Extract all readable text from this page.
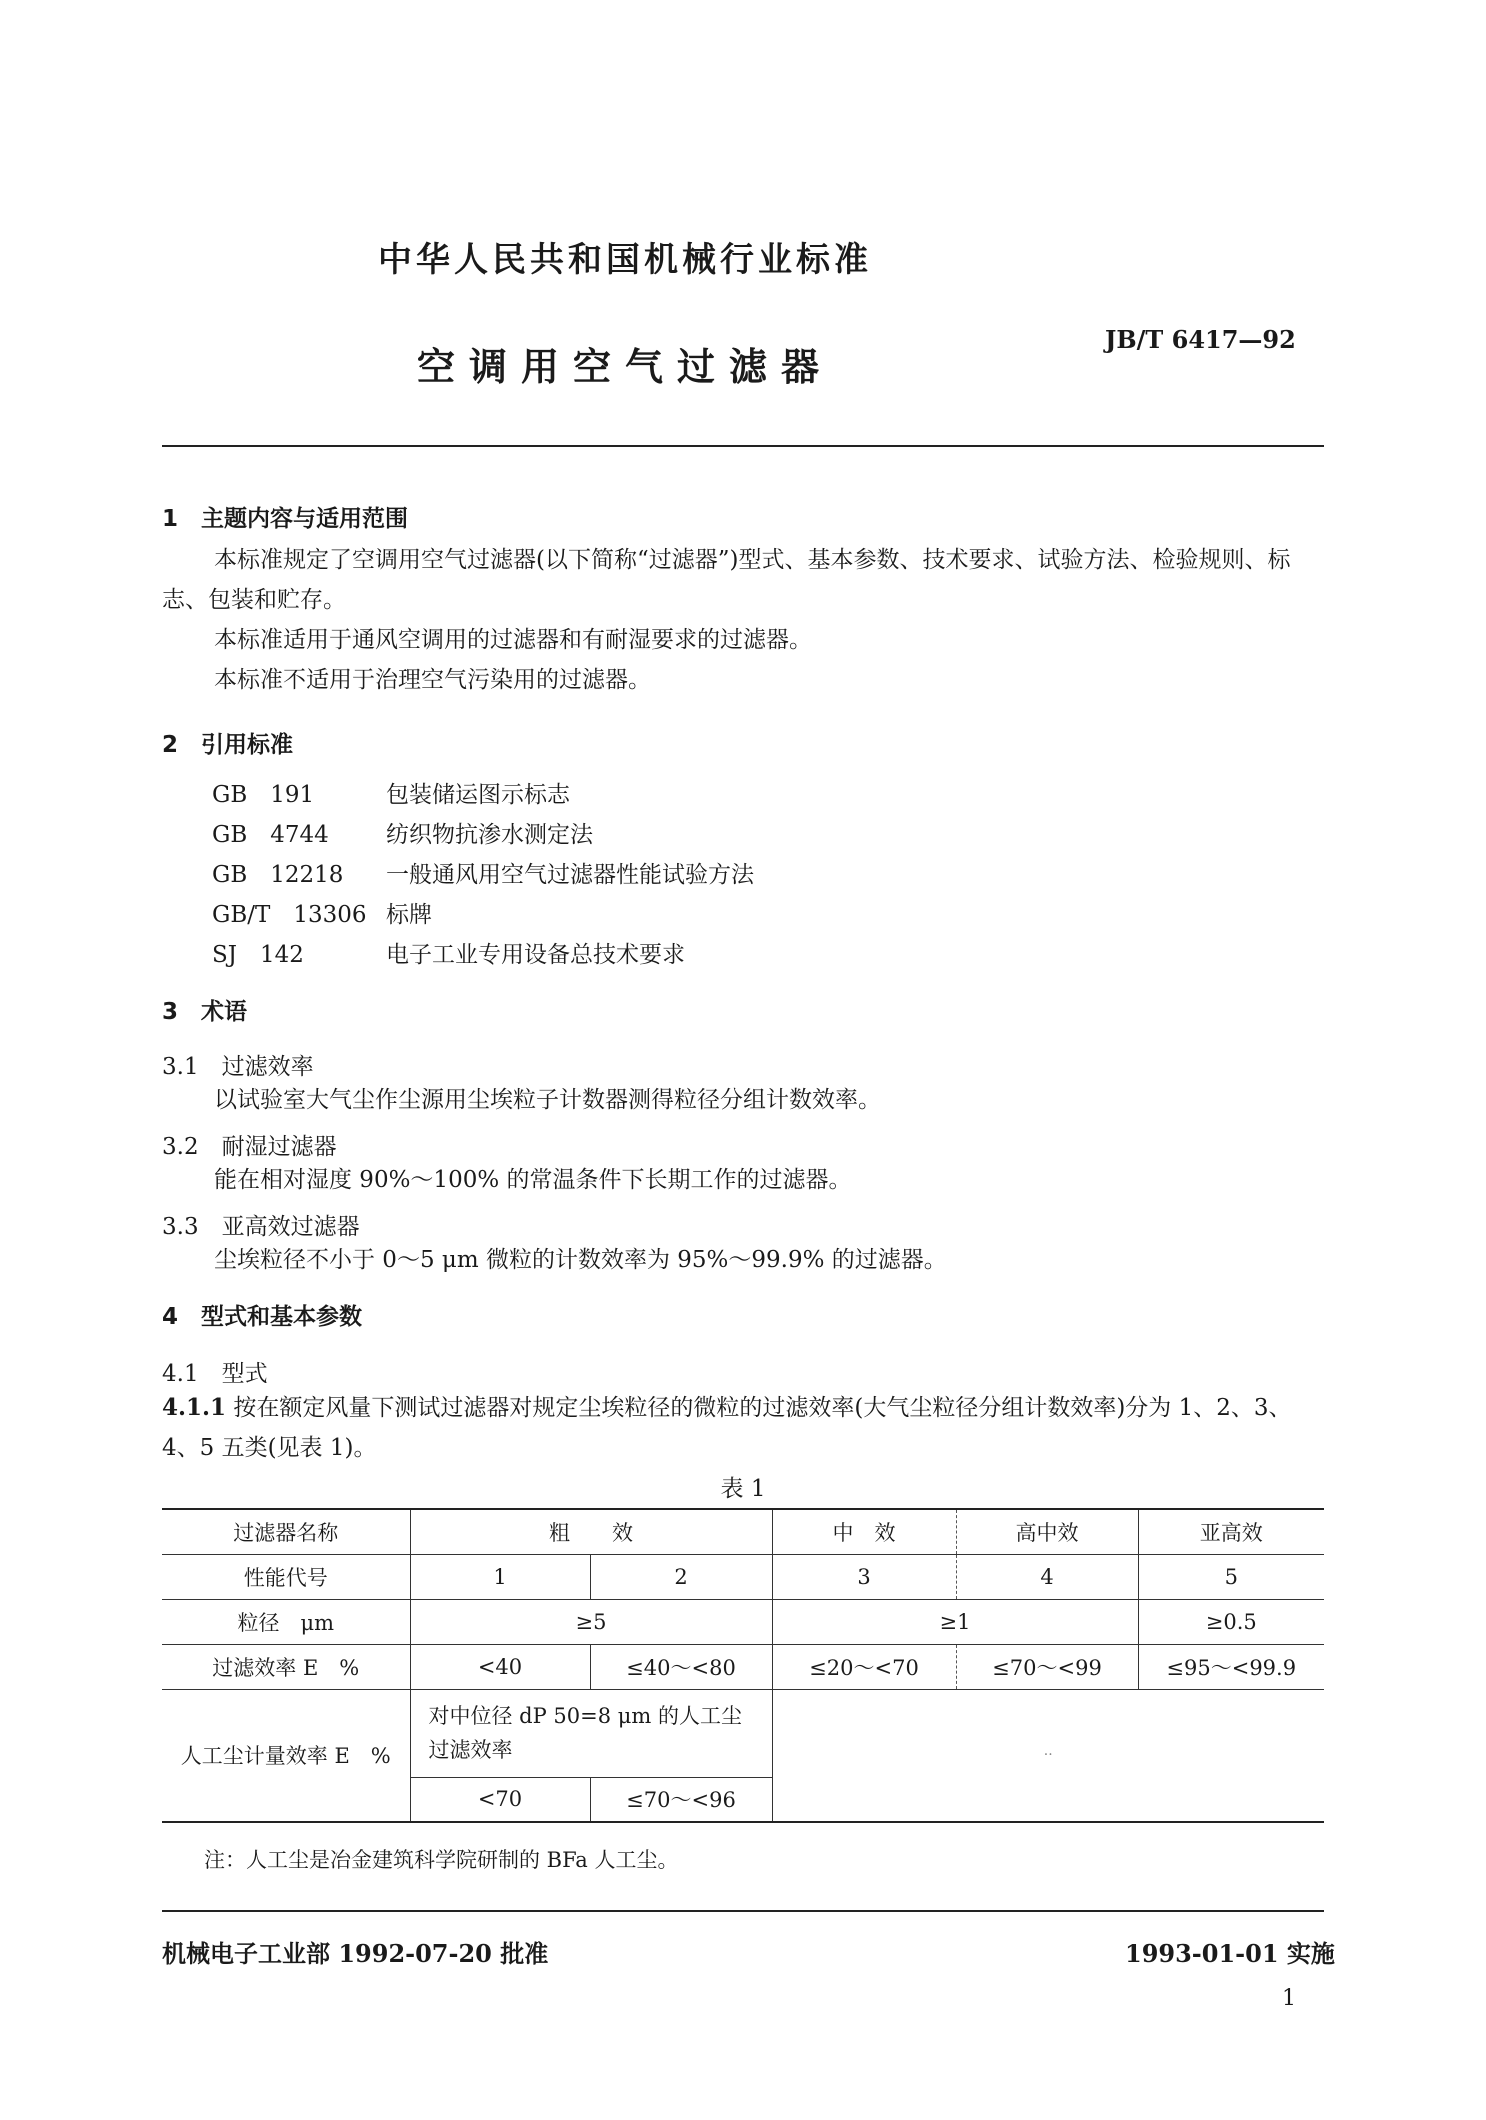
中华人民共和国机械行业标准
空调用空气过滤器
JB/T 6417—92
1　主题内容与适用范围
本标准规定了空调用空气过滤器(以下简称“过滤器”)型式、基本参数、技术要求、试验方法、检验规则、标志、包装和贮存。
本标准适用于通风空调用的过滤器和有耐湿要求的过滤器。
本标准不适用于治理空气污染用的过滤器。
2　引用标准
GB　191	包装储运图示标志
GB　4744 纺织物抗渗水测定法
GB　12218 一般通风用空气过滤器性能试验方法
GB/T　13306 标牌
SJ　142	电子工业专用设备总技术要求
3　术语
3.1　过滤效率
以试验室大气尘作尘源用尘埃粒子计数器测得粒径分组计数效率。
3.2　耐湿过滤器
能在相对湿度 90%～100% 的常温条件下长期工作的过滤器。
3.3　亚高效过滤器
尘埃粒径不小于 0～5 μm 微粒的计数效率为 95%～99.9% 的过滤器。
4　型式和基本参数
4.1　型式
4.1.1 按在额定风量下测试过滤器对规定尘埃粒径的微粒的过滤效率(大气尘粒径分组计数效率)分为 1、2、3、4、5 五类(见表 1)。
表 1
过滤器名称	粗　　效		中　效	高中效	亚高效
性能代号	1	2	3	4	5
粒径　μm	≥5		≥1		≥0.5
过滤效率 E　%	<40	≤40～<80	≤20～<70	≤70～<99	≤95～<99.9
人工尘计量效率 E　%	对中位径 dP 50=8 μm 的人工尘过滤效率		··		
	<70	≤70～<96			
注：人工尘是冶金建筑科学院研制的 BFa 人工尘。
机械电子工业部 1992-07-20 批准	1993-01-01 实施
1
